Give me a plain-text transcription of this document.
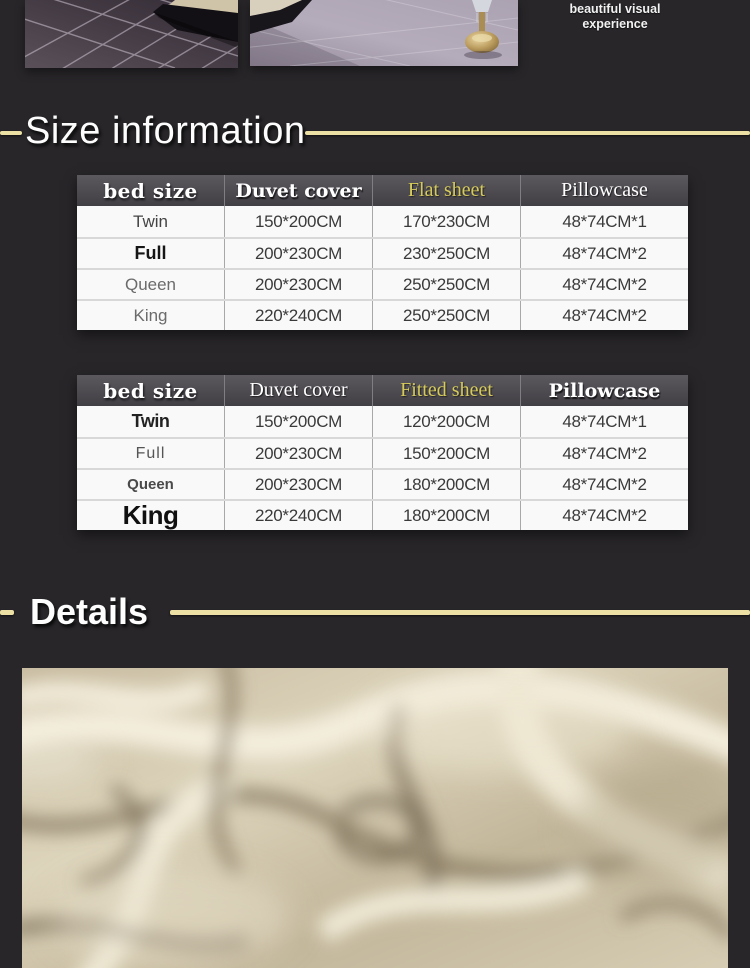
beautiful visual
experience
Size information
bed size	Duvet cover	Flat sheet	Pillowcase
Twin	150*200CM	170*230CM	48*74CM*1
Full	200*230CM	230*250CM	48*74CM*2
Queen	200*230CM	250*250CM	48*74CM*2
King	220*240CM	250*250CM	48*74CM*2
bed size	Duvet cover	Fitted sheet	Pillowcase
Twin	150*200CM	120*200CM	48*74CM*1
Full	200*230CM	150*200CM	48*74CM*2
Queen	200*230CM	180*200CM	48*74CM*2
King	220*240CM	180*200CM	48*74CM*2
Details
